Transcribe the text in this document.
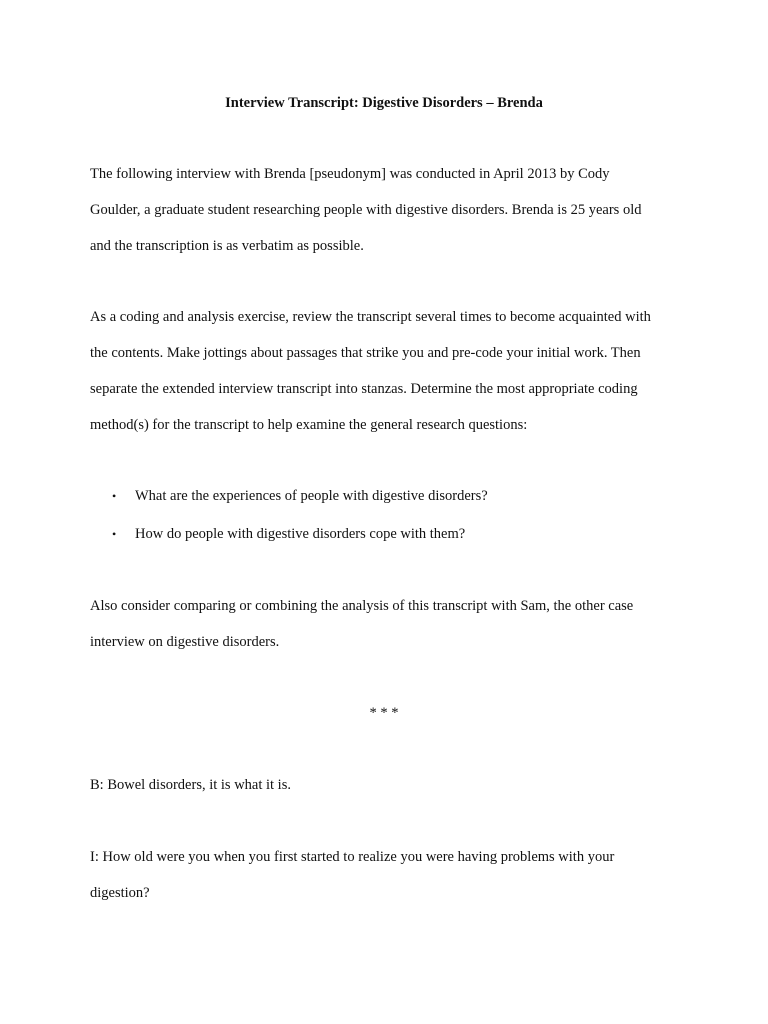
Interview Transcript: Digestive Disorders – Brenda
The following interview with Brenda [pseudonym] was conducted in April 2013 by Cody
Goulder, a graduate student researching people with digestive disorders. Brenda is 25 years old
and the transcription is as verbatim as possible.
As a coding and analysis exercise, review the transcript several times to become acquainted with
the contents. Make jottings about passages that strike you and pre-code your initial work. Then
separate the extended interview transcript into stanzas. Determine the most appropriate coding
method(s) for the transcript to help examine the general research questions:
• What are the experiences of people with digestive disorders?
• How do people with digestive disorders cope with them?
Also consider comparing or combining the analysis of this transcript with Sam, the other case
interview on digestive disorders.
* * *
B: Bowel disorders, it is what it is.
I: How old were you when you first started to realize you were having problems with your
digestion?
